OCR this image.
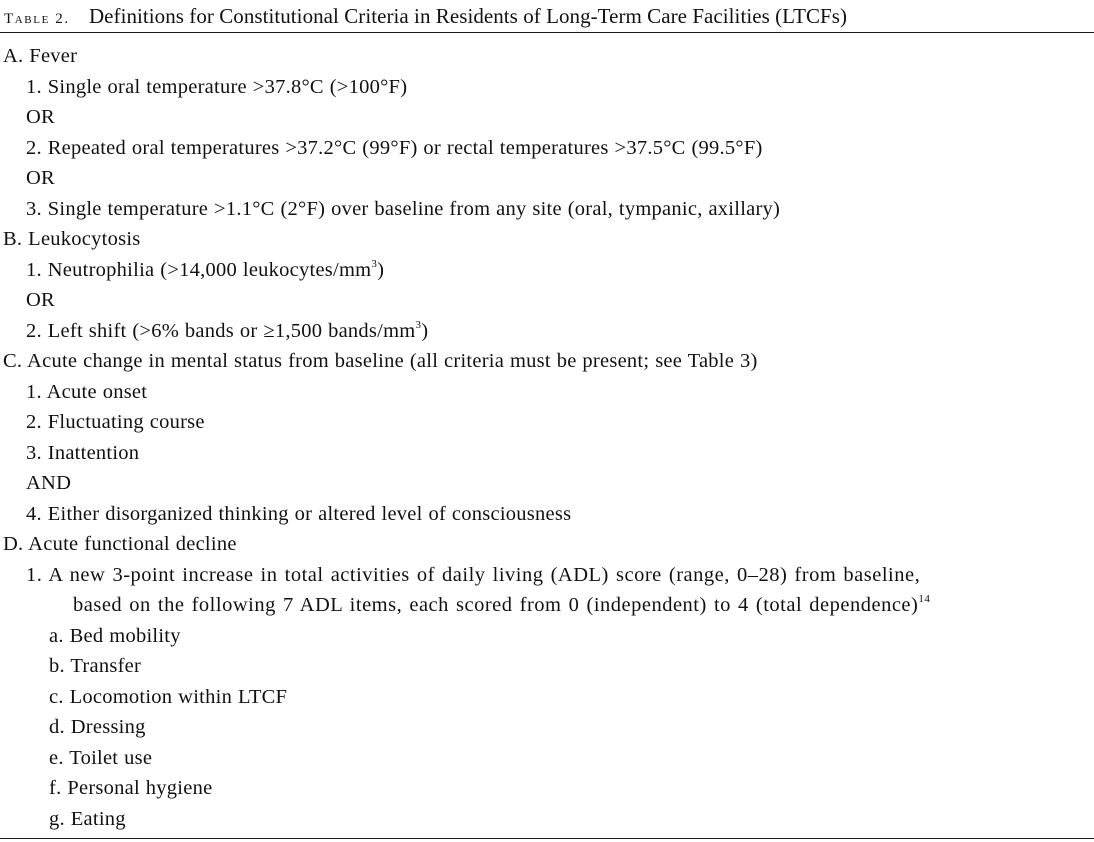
Table 2. Definitions for Constitutional Criteria in Residents of Long-Term Care Facilities (LTCFs)
A. Fever
1. Single oral temperature >37.8°C (>100°F)
OR
2. Repeated oral temperatures >37.2°C (99°F) or rectal temperatures >37.5°C (99.5°F)
OR
3. Single temperature >1.1°C (2°F) over baseline from any site (oral, tympanic, axillary)
B. Leukocytosis
1. Neutrophilia (>14,000 leukocytes/$mm^3$)
OR
2. Left shift (>6% bands or ≥1,500 bands/$mm^3$)
C. Acute change in mental status from baseline (all criteria must be present; see Table 3)
1. Acute onset
2. Fluctuating course
3. Inattention
AND
4. Either disorganized thinking or altered level of consciousness
D. Acute functional decline
1. A new 3-point increase in total activities of daily living (ADL) score (range, 0–28) from baseline,
based on the following 7 ADL items, each scored from 0 (independent) to 4 (total dependence)$^{14}$
a. Bed mobility
b. Transfer
c. Locomotion within LTCF
d. Dressing
e. Toilet use
f. Personal hygiene
g. Eating
